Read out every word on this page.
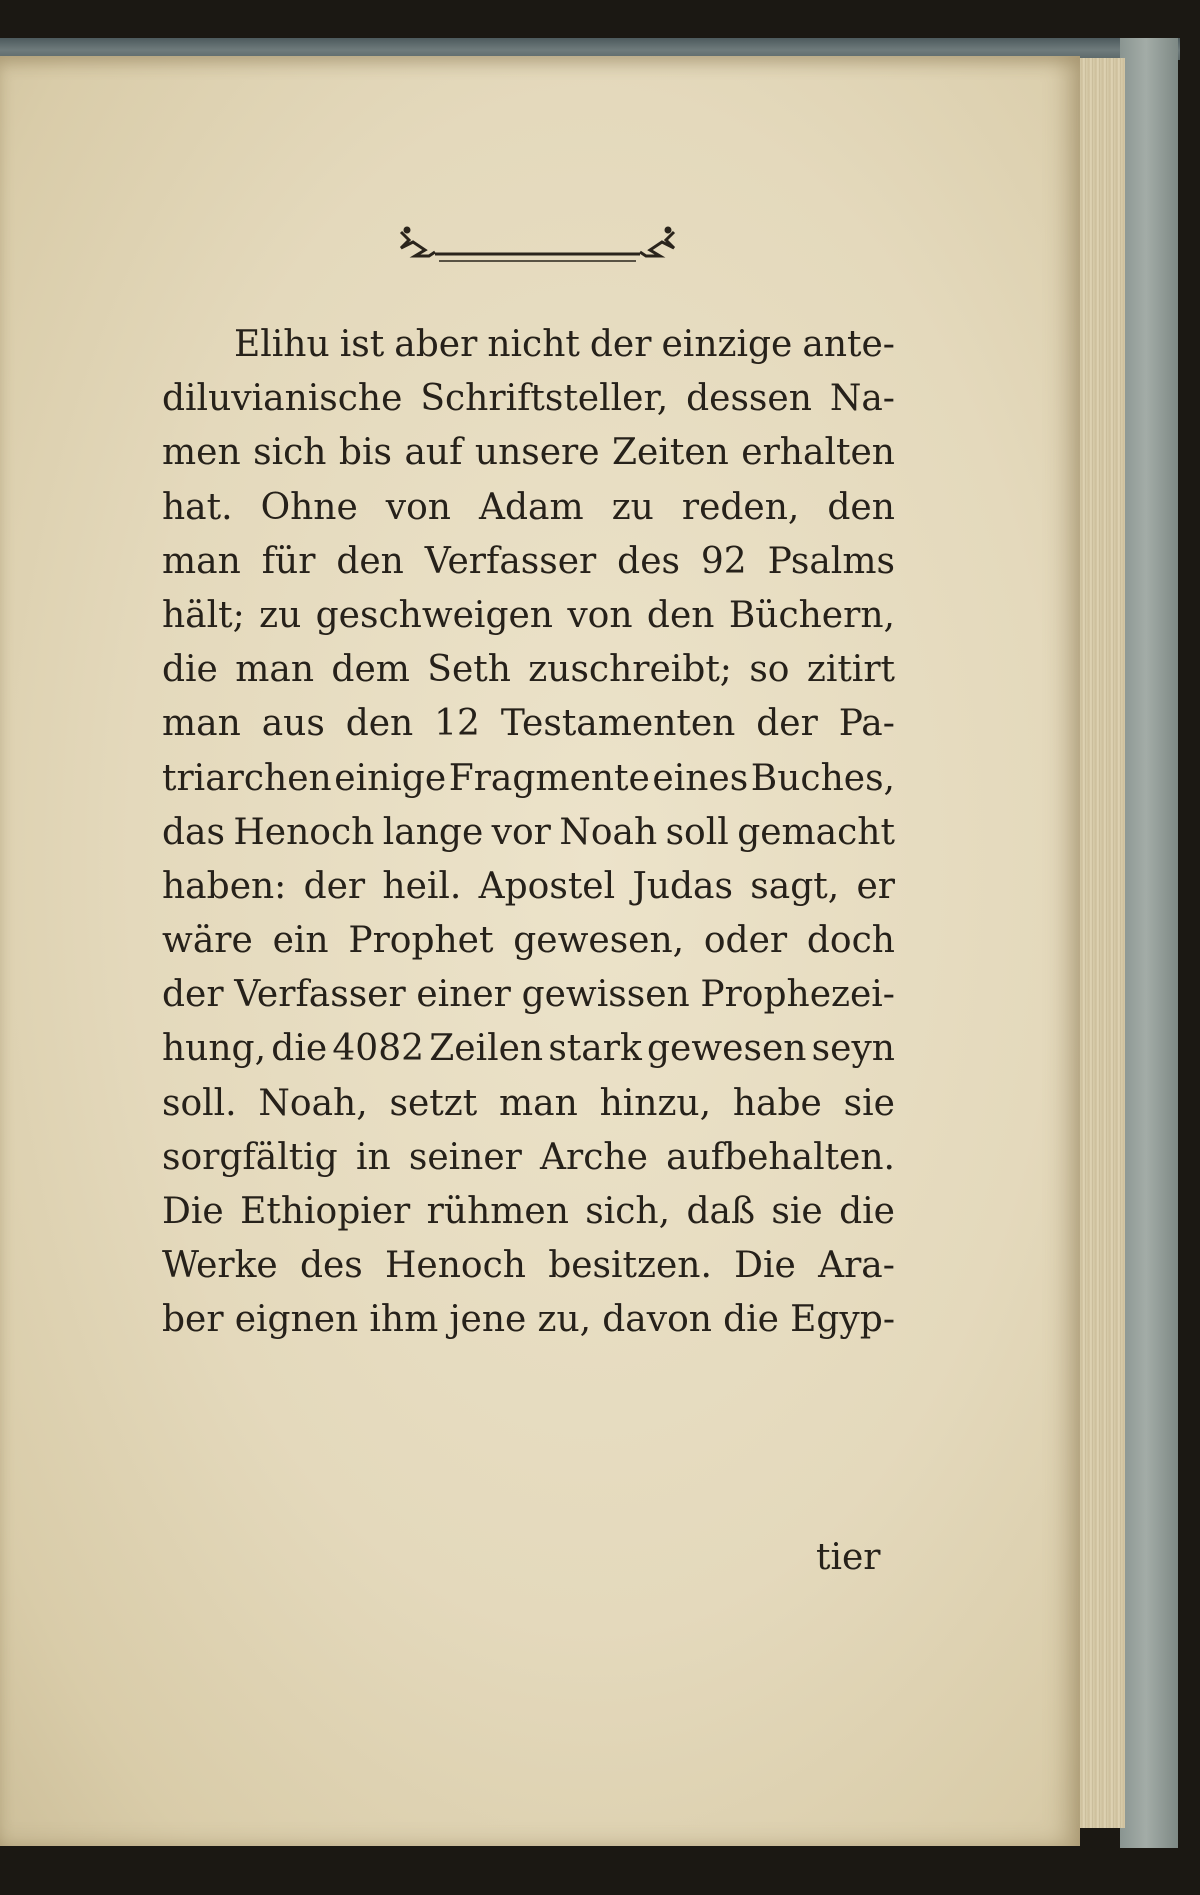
Elihu ist aber nicht der einzige ante-
diluvianische Schriftsteller, dessen Na-
men sich bis auf unsere Zeiten erhalten
hat. Ohne von Adam zu reden, den
man für den Verfasser des 92 Psalms
hält; zu geschweigen von den Büchern,
die man dem Seth zuschreibt; so zitirt
man aus den 12 Testamenten der Pa-
triarchen einige Fragmente eines Buches,
das Henoch lange vor Noah soll gemacht
haben: der heil. Apostel Judas sagt, er
wäre ein Prophet gewesen, oder doch
der Verfasser einer gewissen Prophezei-
hung, die 4082 Zeilen stark gewesen seyn
soll. Noah, setzt man hinzu, habe sie
sorgfältig in seiner Arche aufbehalten.
Die Ethiopier rühmen sich, daß sie die
Werke des Henoch besitzen. Die Ara-
ber eignen ihm jene zu, davon die Egyp-
tier
